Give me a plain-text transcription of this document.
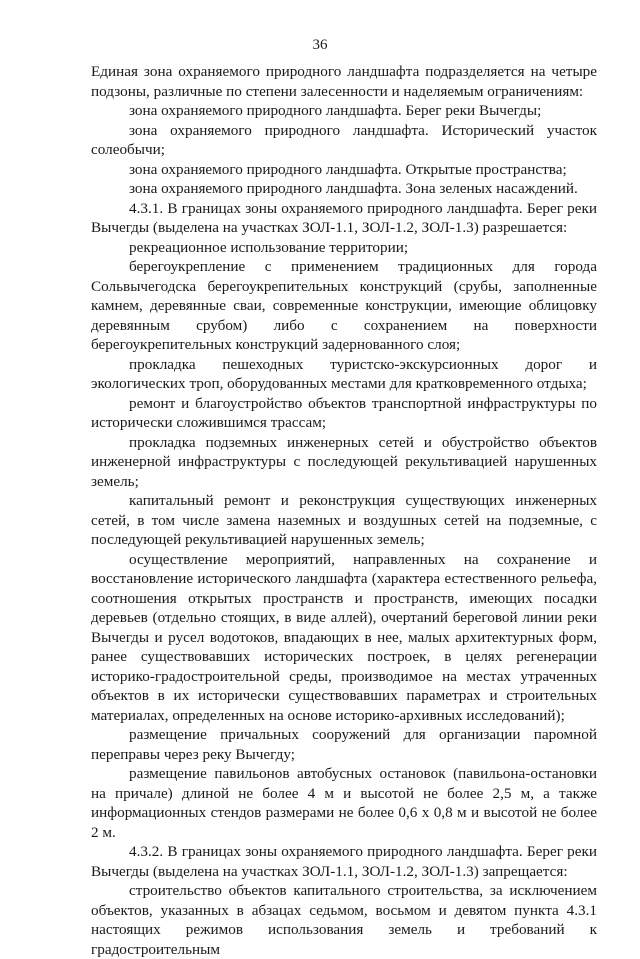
36

Единая зона охраняемого природного ландшафта подразделяется на четыре подзоны, различные по степени залесенности и наделяемым ограничениям:

зона охраняемого природного ландшафта. Берег реки Вычегды;

зона охраняемого природного ландшафта. Исторический участок солеобычи;

зона охраняемого природного ландшафта. Открытые пространства;

зона охраняемого природного ландшафта. Зона зеленых насаждений.

4.3.1. В границах зоны охраняемого природного ландшафта. Берег реки Вычегды (выделена на участках ЗОЛ-1.1, ЗОЛ-1.2, ЗОЛ-1.3) разрешается:

рекреационное использование территории;

берегоукрепление с применением традиционных для города Сольвычегодска берегоукрепительных конструкций (срубы, заполненные камнем, деревянные сваи, современные конструкции, имеющие облицовку деревянным срубом) либо с сохранением на поверхности берегоукрепительных конструкций задернованного слоя;

прокладка пешеходных туристско-экскурсионных дорог и экологических троп, оборудованных местами для кратковременного отдыха;

ремонт и благоустройство объектов транспортной инфраструктуры по исторически сложившимся трассам;

прокладка подземных инженерных сетей и обустройство объектов инженерной инфраструктуры с последующей рекультивацией нарушенных земель;

капитальный ремонт и реконструкция существующих инженерных сетей, в том числе замена наземных и воздушных сетей на подземные, с последующей рекультивацией нарушенных земель;

осуществление мероприятий, направленных на сохранение и восстановление исторического ландшафта (характера естественного рельефа, соотношения открытых пространств и пространств, имеющих посадки деревьев (отдельно стоящих, в виде аллей), очертаний береговой линии реки Вычегды и русел водотоков, впадающих в нее, малых архитектурных форм, ранее существовавших исторических построек, в целях регенерации историко-градостроительной среды, производимое на местах утраченных объектов в их исторически существовавших параметрах и строительных материалах, определенных на основе историко-архивных исследований);

размещение причальных сооружений для организации паромной переправы через реку Вычегду;

размещение павильонов автобусных остановок (павильона-остановки на причале) длиной не более 4 м и высотой не более 2,5 м, а также информационных стендов размерами не более 0,6 х 0,8 м и высотой не более 2 м.

4.3.2. В границах зоны охраняемого природного ландшафта. Берег реки Вычегды (выделена на участках ЗОЛ-1.1, ЗОЛ-1.2, ЗОЛ-1.3) запрещается:

строительство объектов капитального строительства, за исключением объектов, указанных в абзацах седьмом, восьмом и девятом пункта 4.3.1 настоящих режимов использования земель и требований к градостроительным
